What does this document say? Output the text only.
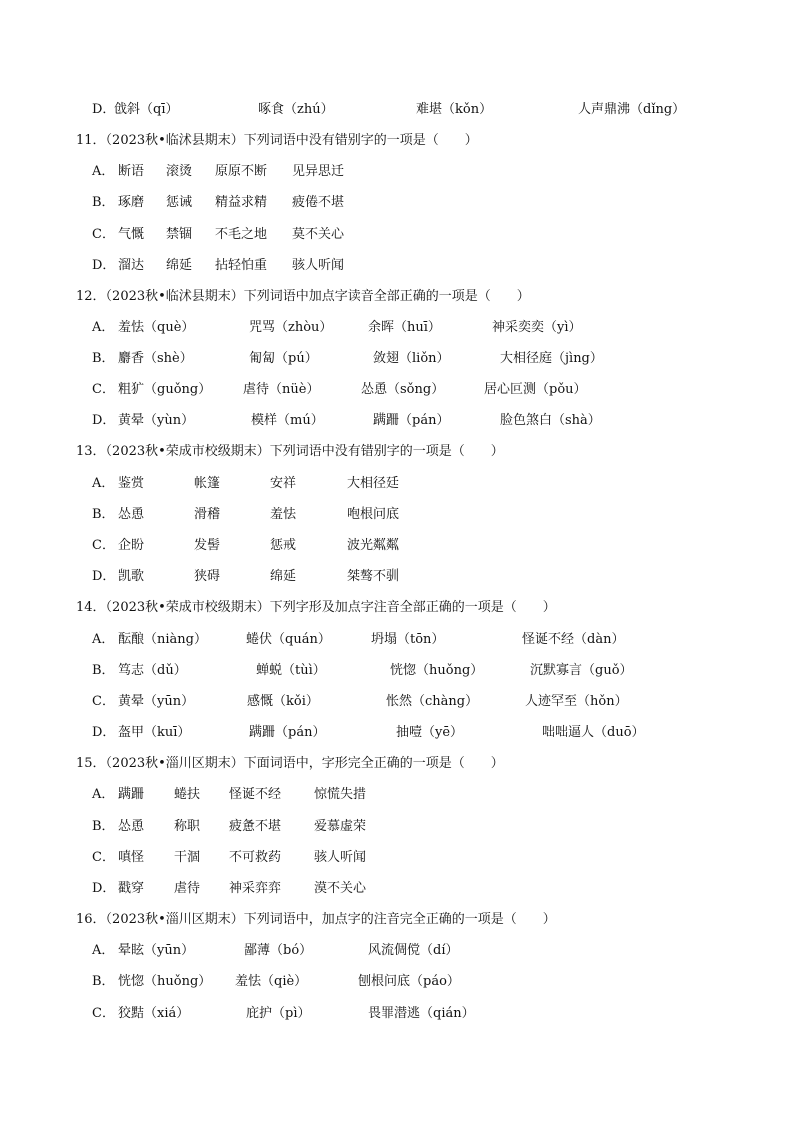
D．
戗斜（qī）	啄食（zhú）	难堪（kǒn）	人声鼎沸（dǐng）
11．（2023秋•临沭县期末）下列词语中没有错别字的一项是（　　）
A． 断语 滚烫 原原不断 见异思迁
B． 琢磨 惩诫 精益求精 疲倦不堪
C． 气慨 禁锢 不毛之地 莫不关心
D． 溜达 绵延 拈轻怕重 骇人听闻
12．（2023秋•临沭县期末）下列词语中加点字读音全部正确的一项是（　　）
A． 羞怯（què）	咒骂（zhòu）	余晖（huī）	神采奕奕（yì）
B． 麝香（shè）	匍匐（pú）	敛翅（liǒn）	大相径庭（jìng）
C． 粗犷（guǒng） 虐待（nüè）	怂恿（sǒng）	居心叵测（pǒu）
D． 黄晕（yùn）	模样（mú）	蹒跚（pán）	脸色煞白（shà）
13．（2023秋•荣成市校级期末）下列词语中没有错别字的一项是（　　）
A． 鉴赏	帐篷	安祥	大相径廷
B． 怂恿	滑稽	羞怯	咆根问底
C． 企盼	发髻	惩戒	波光粼粼
D． 凯歌	狭碍	绵延	桀骜不驯
14．（2023秋•荣成市校级期末）下列字形及加点字注音全部正确的一项是（　　）
A． 酝酿（niàng）	蜷伏（quán）	坍塌（tōn）	怪诞不经（dàn）
B． 笃志（dǔ）	蝉蜕（tùì）	恍惚（huǒng）	沉默寡言（guǒ）
C． 黄晕（yūn）	感慨（kǒi）	怅然（chàng）	人迹罕至（hǒn）
D． 盔甲（kuī）	蹒跚（pán）	抽噎（yē）	咄咄逼人（duō）
15．（2023秋•淄川区期末）下面词语中，字形完全正确的一项是（　　）
A． 蹒跚 蜷扶 怪诞不经	惊慌失措
B． 怂恿 称职 疲惫不堪	爱慕虚荣
C． 嗔怪 干涸 不可救药	骇人听闻
D． 戳穿 虐待 神采弈弈	漠不关心
16．（2023秋•淄川区期末）下列词语中，加点字的注音完全正确的一项是（　　）
A． 晕眩（yūn）	鄙薄（bó）	风流倜傥（dí）
B． 恍惚（huǒng） 羞怯（qiè）	刨根问底（páo）
C． 狡黠（xiá）	庇护（pì）	畏罪潜逃（qián）
